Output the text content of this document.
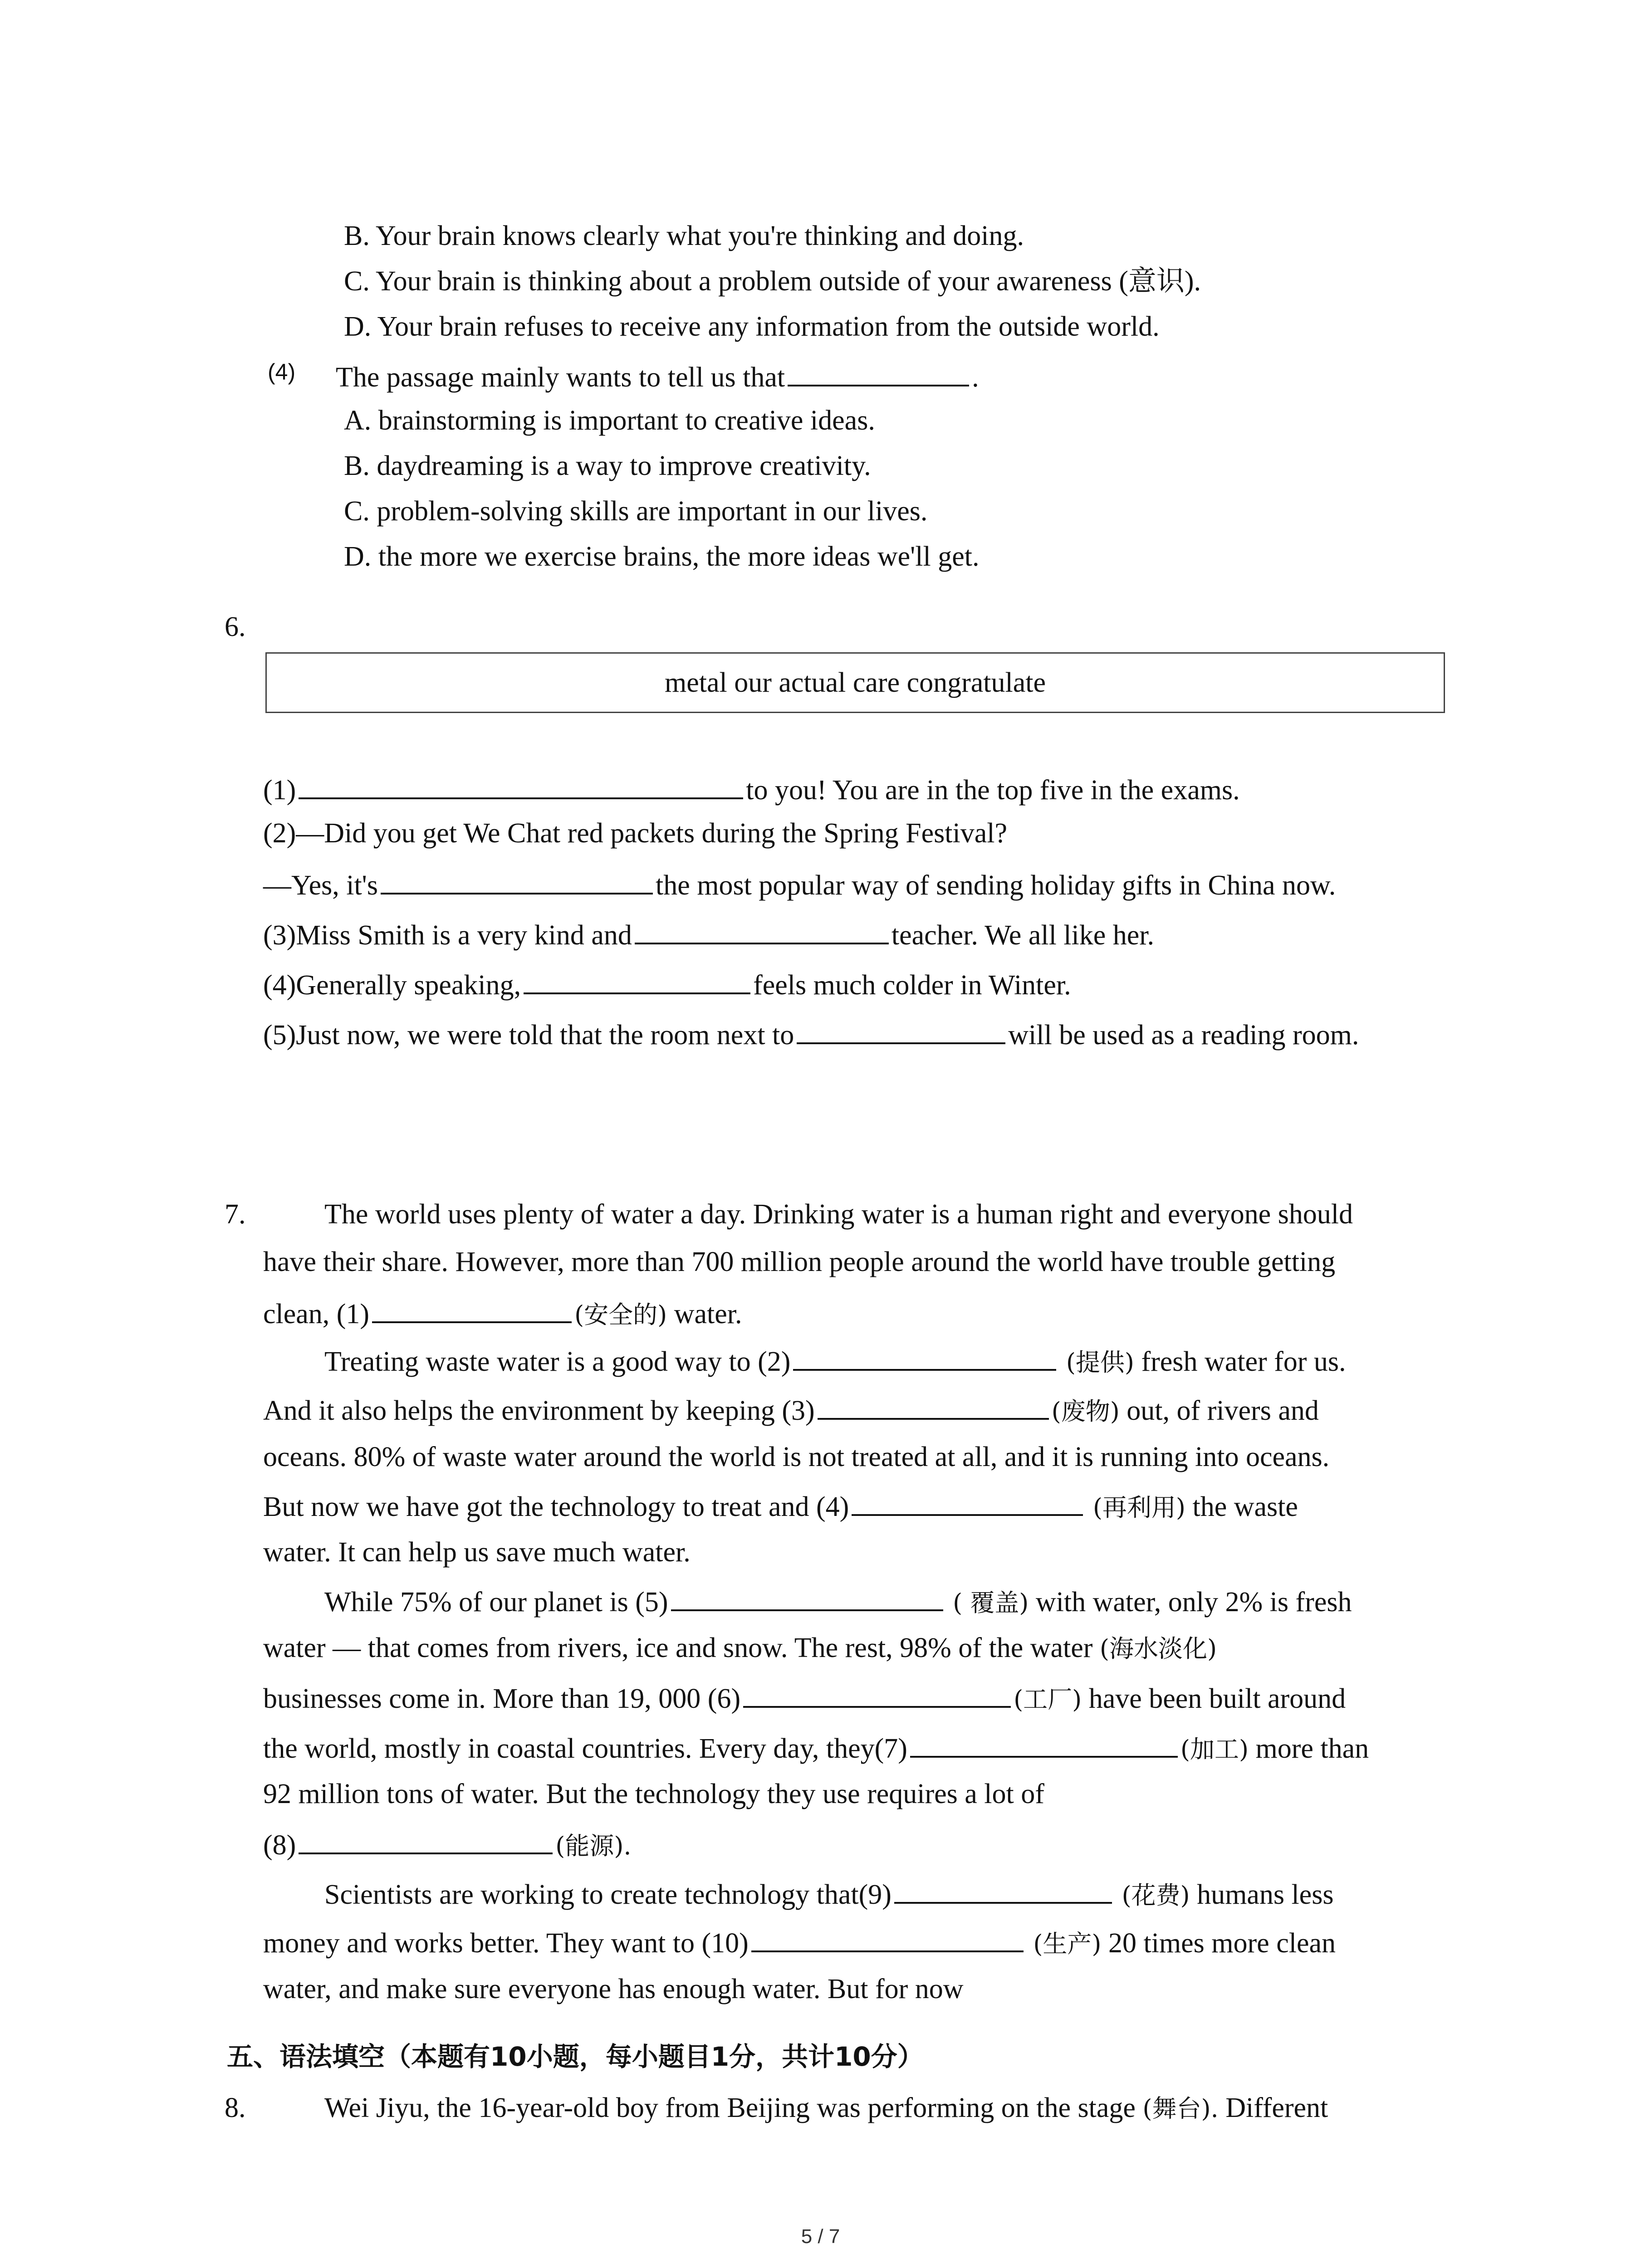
B. Your brain knows clearly what you're thinking and doing.
C. Your brain is thinking about a problem outside of your awareness (意识).
D. Your brain refuses to receive any information from the outside world.
(4) The passage mainly wants to tell us that	.
A. brainstorming is important to creative ideas.
B. daydreaming is a way to improve creativity.
C. problem-solving skills are important in our lives.
D. the more we exercise brains, the more ideas we'll get.
6.
metal our actual care congratulate
(1)	to you! You are in the top five in the exams.
(2)—Did you get We Chat red packets during the Spring Festival?
—Yes, it's	the most popular way of sending holiday gifts in China now.
(3)Miss Smith is a very kind and	teacher. We all like her.
(4)Generally speaking,	feels much colder in Winter.
(5)Just now, we were told that the room next to	will be used as a reading room.
7.	The world uses plenty of water a day. Drinking water is a human right and everyone should
have their share. However, more than 700 million people around the world have trouble getting
clean, (1)	(安全的) water.
Treating waste water is a good way to (2)	(提供) fresh water for us.
And it also helps the environment by keeping (3)	(废物) out, of rivers and
oceans. 80% of waste water around the world is not treated at all, and it is running into oceans.
But now we have got the technology to treat and (4)	(再利用) the waste
water. It can help us save much water.
While 75% of our planet is (5)	( 覆盖) with water, only 2% is fresh
water — that comes from rivers, ice and snow. The rest, 98% of the water (海水淡化)
businesses come in. More than 19, 000 (6)	(工厂) have been built around
the world, mostly in coastal countries. Every day, they(7)	(加工) more than
92 million tons of water. But the technology they use requires a lot of
(8)	(能源).
Scientists are working to create technology that(9)	(花费) humans less
money and works better. They want to (10)	(生产) 20 times more clean
water, and make sure everyone has enough water. But for now
五、语法填空（本题有10小题，每小题目1分，共计10分）
8.	Wei Jiyu, the 16-year-old boy from Beijing was performing on the stage (舞台). Different
5 / 7
